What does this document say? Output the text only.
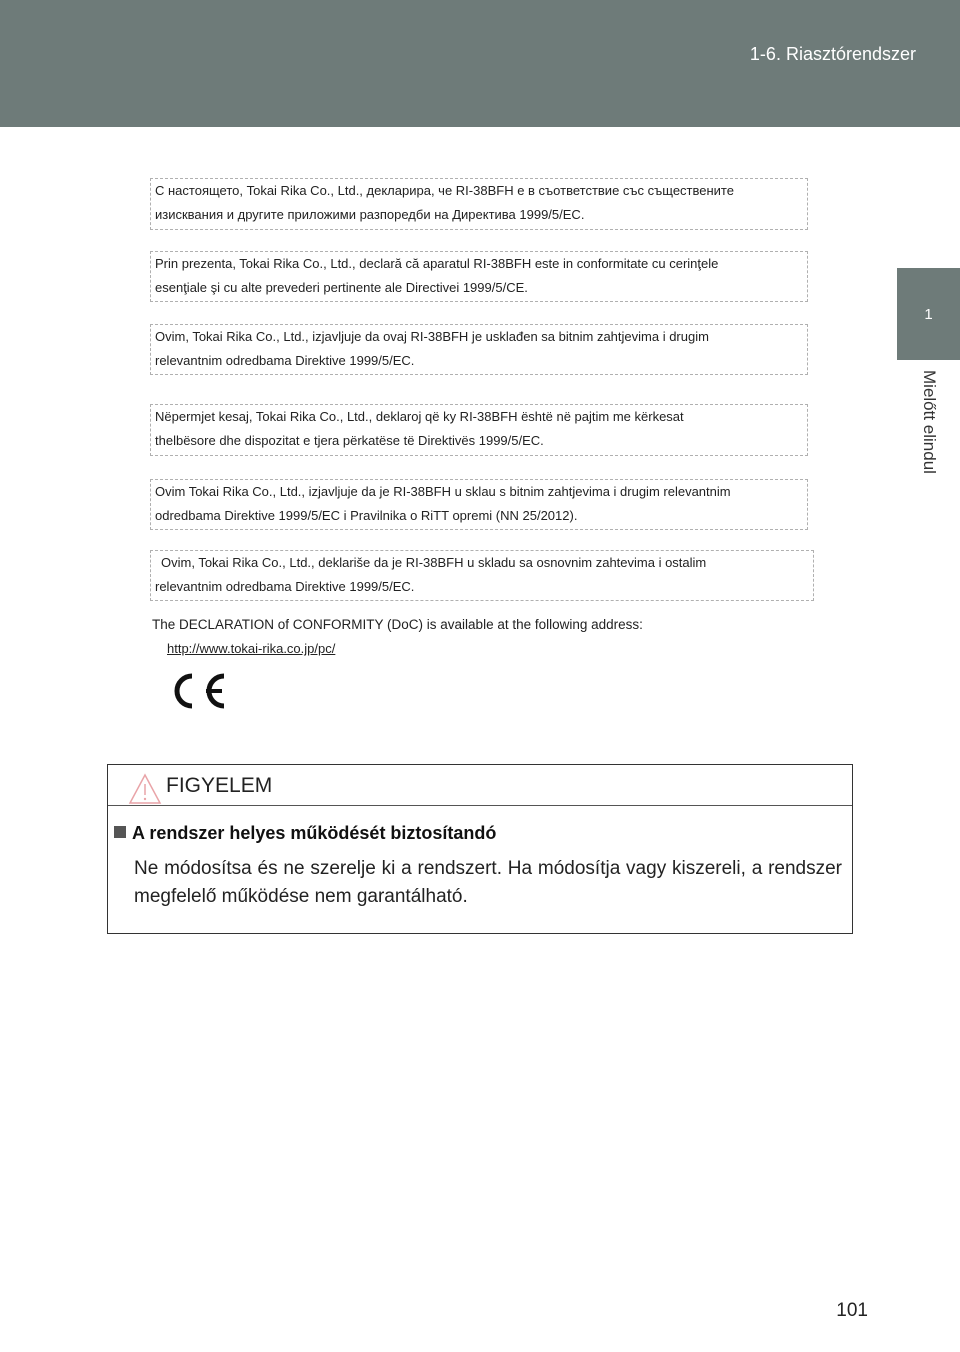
1-6. Riasztórendszer
1
Mielőtt elindul

С настоящето, Tokai Rika Co., Ltd., декларира, че RI-38BFH е в съответствие със съществените

изисквания и другите приложими разпоредби на Директива 1999/5/EC.

Prin prezenta, Tokai Rika Co., Ltd., declară că aparatul RI-38BFH este in conformitate cu cerinţele

esenţiale şi cu alte prevederi pertinente ale Directivei 1999/5/CE.

Ovim, Tokai Rika Co., Ltd., izjavljuje da ovaj RI-38BFH je usklađen sa bitnim zahtjevima i drugim

relevantnim odredbama Direktive 1999/5/EC.

Nëpermjet kesaj, Tokai Rika Co., Ltd., deklaroj që ky RI-38BFH është në pajtim me kërkesat

thelbësore dhe dispozitat e tjera përkatëse të Direktivës 1999/5/EC.

Ovim Tokai Rika Co., Ltd., izjavljuje da je RI-38BFH u sklau s bitnim zahtjevima i drugim relevantnim

odredbama Direktive 1999/5/EC i Pravilnika o RiTT opremi (NN 25/2012).

Ovim, Tokai Rika Co., Ltd., deklariše da je RI-38BFH u skladu sa osnovnim zahtevima i ostalim

relevantnim odredbama Direktive 1999/5/EC.

The DECLARATION of CONFORMITY (DoC) is available at the following address:
http://www.tokai-rika.co.jp/pc/
FIGYELEM
A rendszer helyes működését biztosítandó
Ne módosítsa és ne szerelje ki a rendszert. Ha módosítja vagy kiszereli, a rendszer megfelelő működése nem garantálható.
101
